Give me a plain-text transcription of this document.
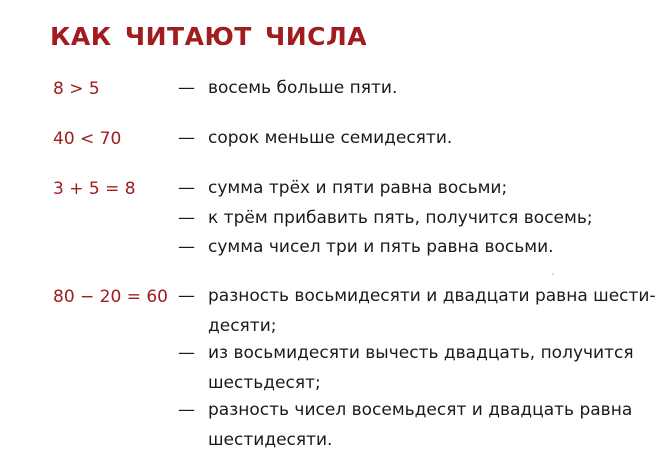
КАК ЧИТАЮТ ЧИСЛА
8 > 5	— восемь больше пяти.
40 < 70	— сорок меньше семидесяти.
3 + 5 = 8 — сумма трёх и пяти равна восьми;
— к трём прибавить пять, получится восемь;
— сумма чисел три и пять равна восьми.
80 − 20 = 60 — разность восьмидесяти и двадцати равна шести-
десяти;
— из восьмидесяти вычесть двадцать, получится
шестьдесят;
— разность чисел восемьдесят и двадцать равна
шестидесяти.
